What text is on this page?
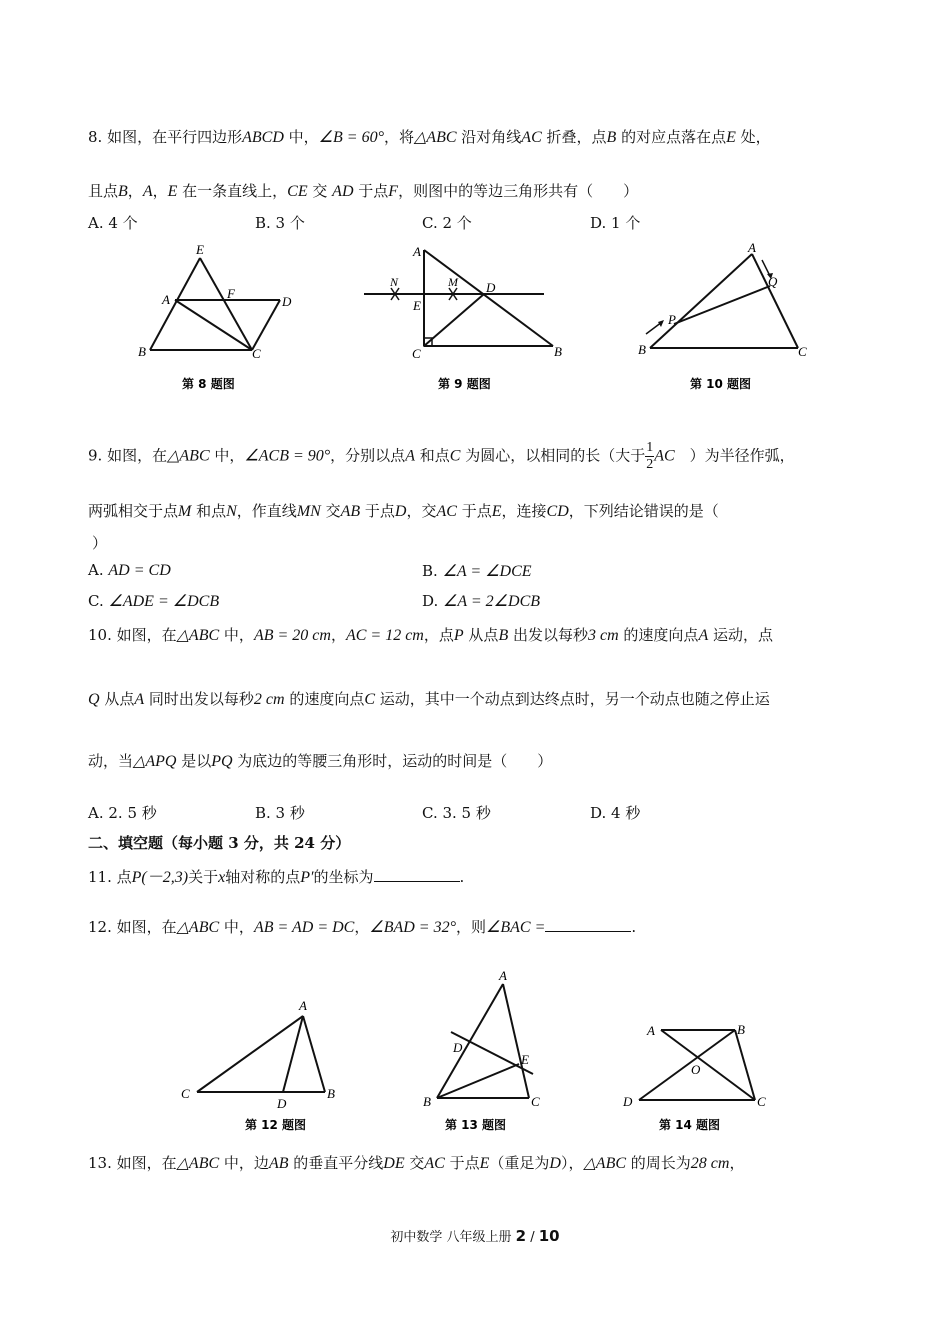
8. 如图，在平行四边形ABCD 中，∠B = 60°，将△ABC 沿对角线AC 折叠，点B 的对应点落在点E 处，
且点B，A，E 在一条直线上，CE 交 AD 于点F，则图中的等边三角形共有（　　）
A. 4 个	B. 3 个	C. 2 个	D. 1 个
E
A	F
D
B	C
第 8 题图
A
N	M D
E
C	B
第 9 题图
A
Q
P
B	C
第 10 题图
9. 如图，在△ABC 中，∠ACB = 90°，分别以点A 和点C 为圆心，以相同的长（大于 $\frac{1}{2}$ AC　）为半径作弧，
两弧相交于点M 和点N，作直线MN 交AB 于点D，交AC 于点E，连接CD，下列结论错误的是（
）
A. AD = CD	B. ∠A = ∠DCE
C. ∠ADE = ∠DCB	D. ∠A = 2∠DCB
10. 如图，在△ABC 中，AB = 20 cm，AC = 12 cm，点P 从点B 出发以每秒3 cm 的速度向点A 运动，点
Q 从点A 同时出发以每秒2 cm 的速度向点C 运动，其中一个动点到达终点时，另一个动点也随之停止运
动，当△APQ 是以PQ 为底边的等腰三角形时，运动的时间是（　　）
A. 2. 5 秒	B. 3 秒	C. 3. 5 秒	D. 4 秒
二、填空题（每小题 3 分，共 24 分）
11. 点P(－2,3)关于x轴对称的点P′的坐标为	.
12. 如图，在△ABC 中，AB = AD = DC，∠BAD = 32°，则∠BAC =	.
A
C
D
B
第 12 题图
A
D
E
B	C
第 13 题图
A	B
O
D	C
第 14 题图
13. 如图，在△ABC 中，边AB 的垂直平分线DE 交AC 于点E（重足为D），△ABC 的周长为28 cm，
初中数学 八年级上册 2 / 10
